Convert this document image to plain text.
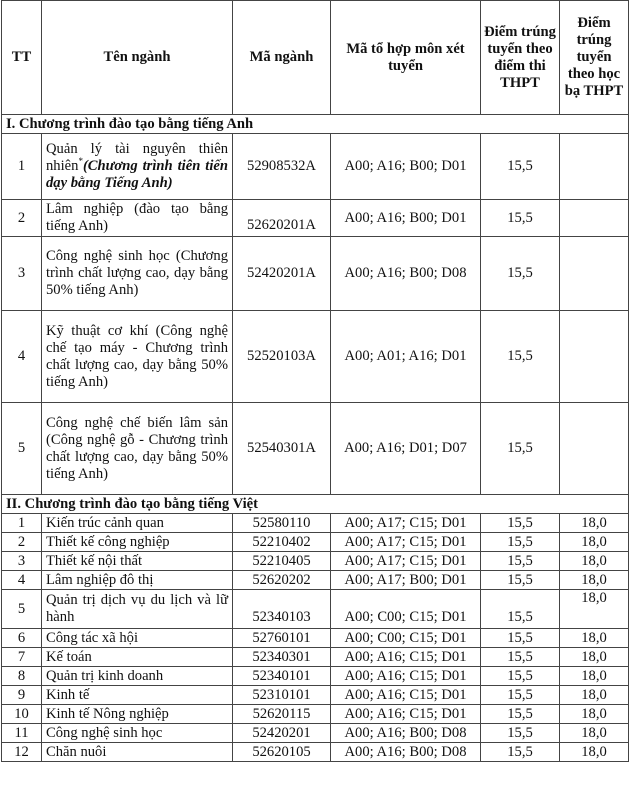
TT	Tên ngành	Mã ngành	Mã tổ hợp môn xét tuyển	Điểm trúng tuyển theo điểm thi THPT	Điểm trúng tuyển theo học bạ THPT
I. Chương trình đào tạo bằng tiếng Anh					
1	Quản lý tài nguyên thiên nhiên*(Chương trình tiên tiến dạy bằng Tiếng Anh)	52908532A	A00; A16; B00; D01	15,5	
2	Lâm nghiệp (đào tạo bằng tiếng Anh)	52620201A	A00; A16; B00; D01	15,5	
3	Công nghệ sinh học (Chương trình chất lượng cao, dạy bằng 50% tiếng Anh)	52420201A	A00; A16; B00; D08	15,5	
4	Kỹ thuật cơ khí (Công nghệ chế tạo máy - Chương trình chất lượng cao, dạy bằng 50% tiếng Anh)	52520103A	A00; A01; A16; D01	15,5	
5	Công nghệ chế biến lâm sản (Công nghệ gỗ - Chương trình chất lượng cao, dạy bằng 50% tiếng Anh)	52540301A	A00; A16; D01; D07	15,5	
II. Chương trình đào tạo bằng tiếng Việt					
1	Kiến trúc cảnh quan	52580110	A00; A17; C15; D01	15,5	18,0
2	Thiết kế công nghiệp	52210402	A00; A17; C15; D01	15,5	18,0
3	Thiết kế nội thất	52210405	A00; A17; C15; D01	15,5	18,0
4	Lâm nghiệp đô thị	52620202	A00; A17; B00; D01	15,5	18,0
5	Quản trị dịch vụ du lịch và lữ hành	52340103	A00; C00; C15; D01	15,5	18,0
6	Công tác xã hội	52760101	A00; C00; C15; D01	15,5	18,0
7	Kế toán	52340301	A00; A16; C15; D01	15,5	18,0
8	Quản trị kinh doanh	52340101	A00; A16; C15; D01	15,5	18,0
9	Kinh tế	52310101	A00; A16; C15; D01	15,5	18,0
10	Kinh tế Nông nghiệp	52620115	A00; A16; C15; D01	15,5	18,0
11	Công nghệ sinh học	52420201	A00; A16; B00; D08	15,5	18,0
12	Chăn nuôi	52620105	A00; A16; B00; D08	15,5	18,0
